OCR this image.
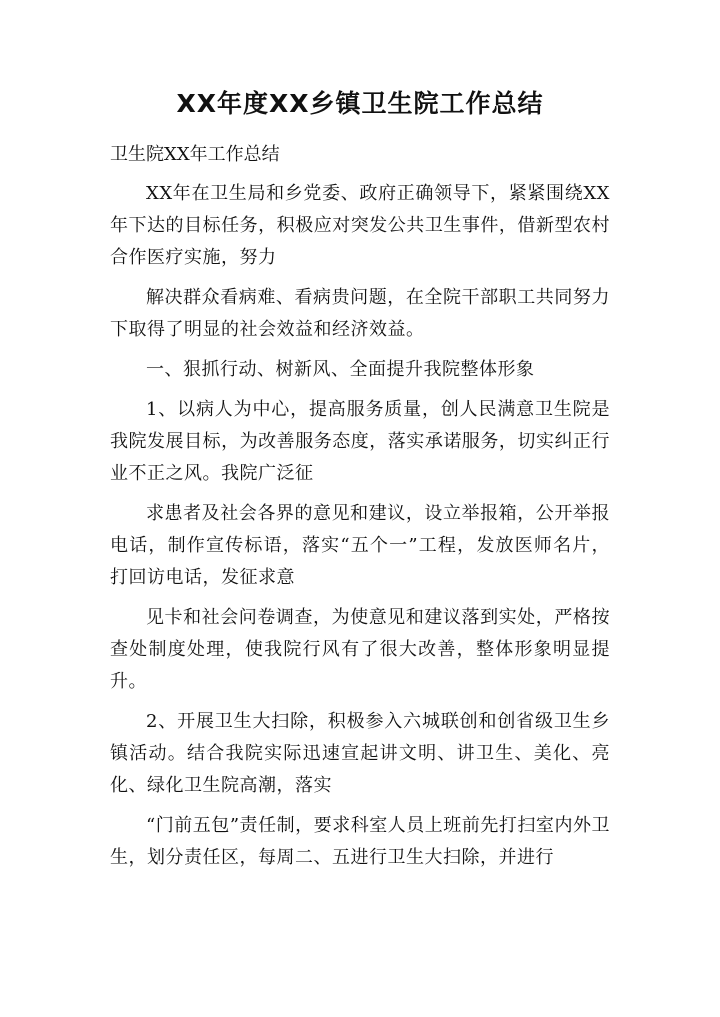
XX年度XX乡镇卫生院工作总结

卫生院XX年工作总结

XX年在卫生局和乡党委、政府正确领导下，紧紧围绕XX年下达的目标任务，积极应对突发公共卫生事件，借新型农村合作医疗实施，努力

解决群众看病难、看病贵问题，在全院干部职工共同努力下取得了明显的社会效益和经济效益。

一、狠抓行动、树新风、全面提升我院整体形象

1、以病人为中心，提高服务质量，创人民满意卫生院是我院发展目标，为改善服务态度，落实承诺服务，切实纠正行业不正之风。我院广泛征

求患者及社会各界的意见和建议，设立举报箱，公开举报电话，制作宣传标语，落实“五个一”工程，发放医师名片，打回访电话，发征求意

见卡和社会问卷调查，为使意见和建议落到实处，严格按查处制度处理，使我院行风有了很大改善，整体形象明显提升。

2、开展卫生大扫除，积极参入六城联创和创省级卫生乡镇活动。结合我院实际迅速宣起讲文明、讲卫生、美化、亮化、绿化卫生院高潮，落实

“门前五包”责任制，要求科室人员上班前先打扫室内外卫生，划分责任区，每周二、五进行卫生大扫除，并进行
